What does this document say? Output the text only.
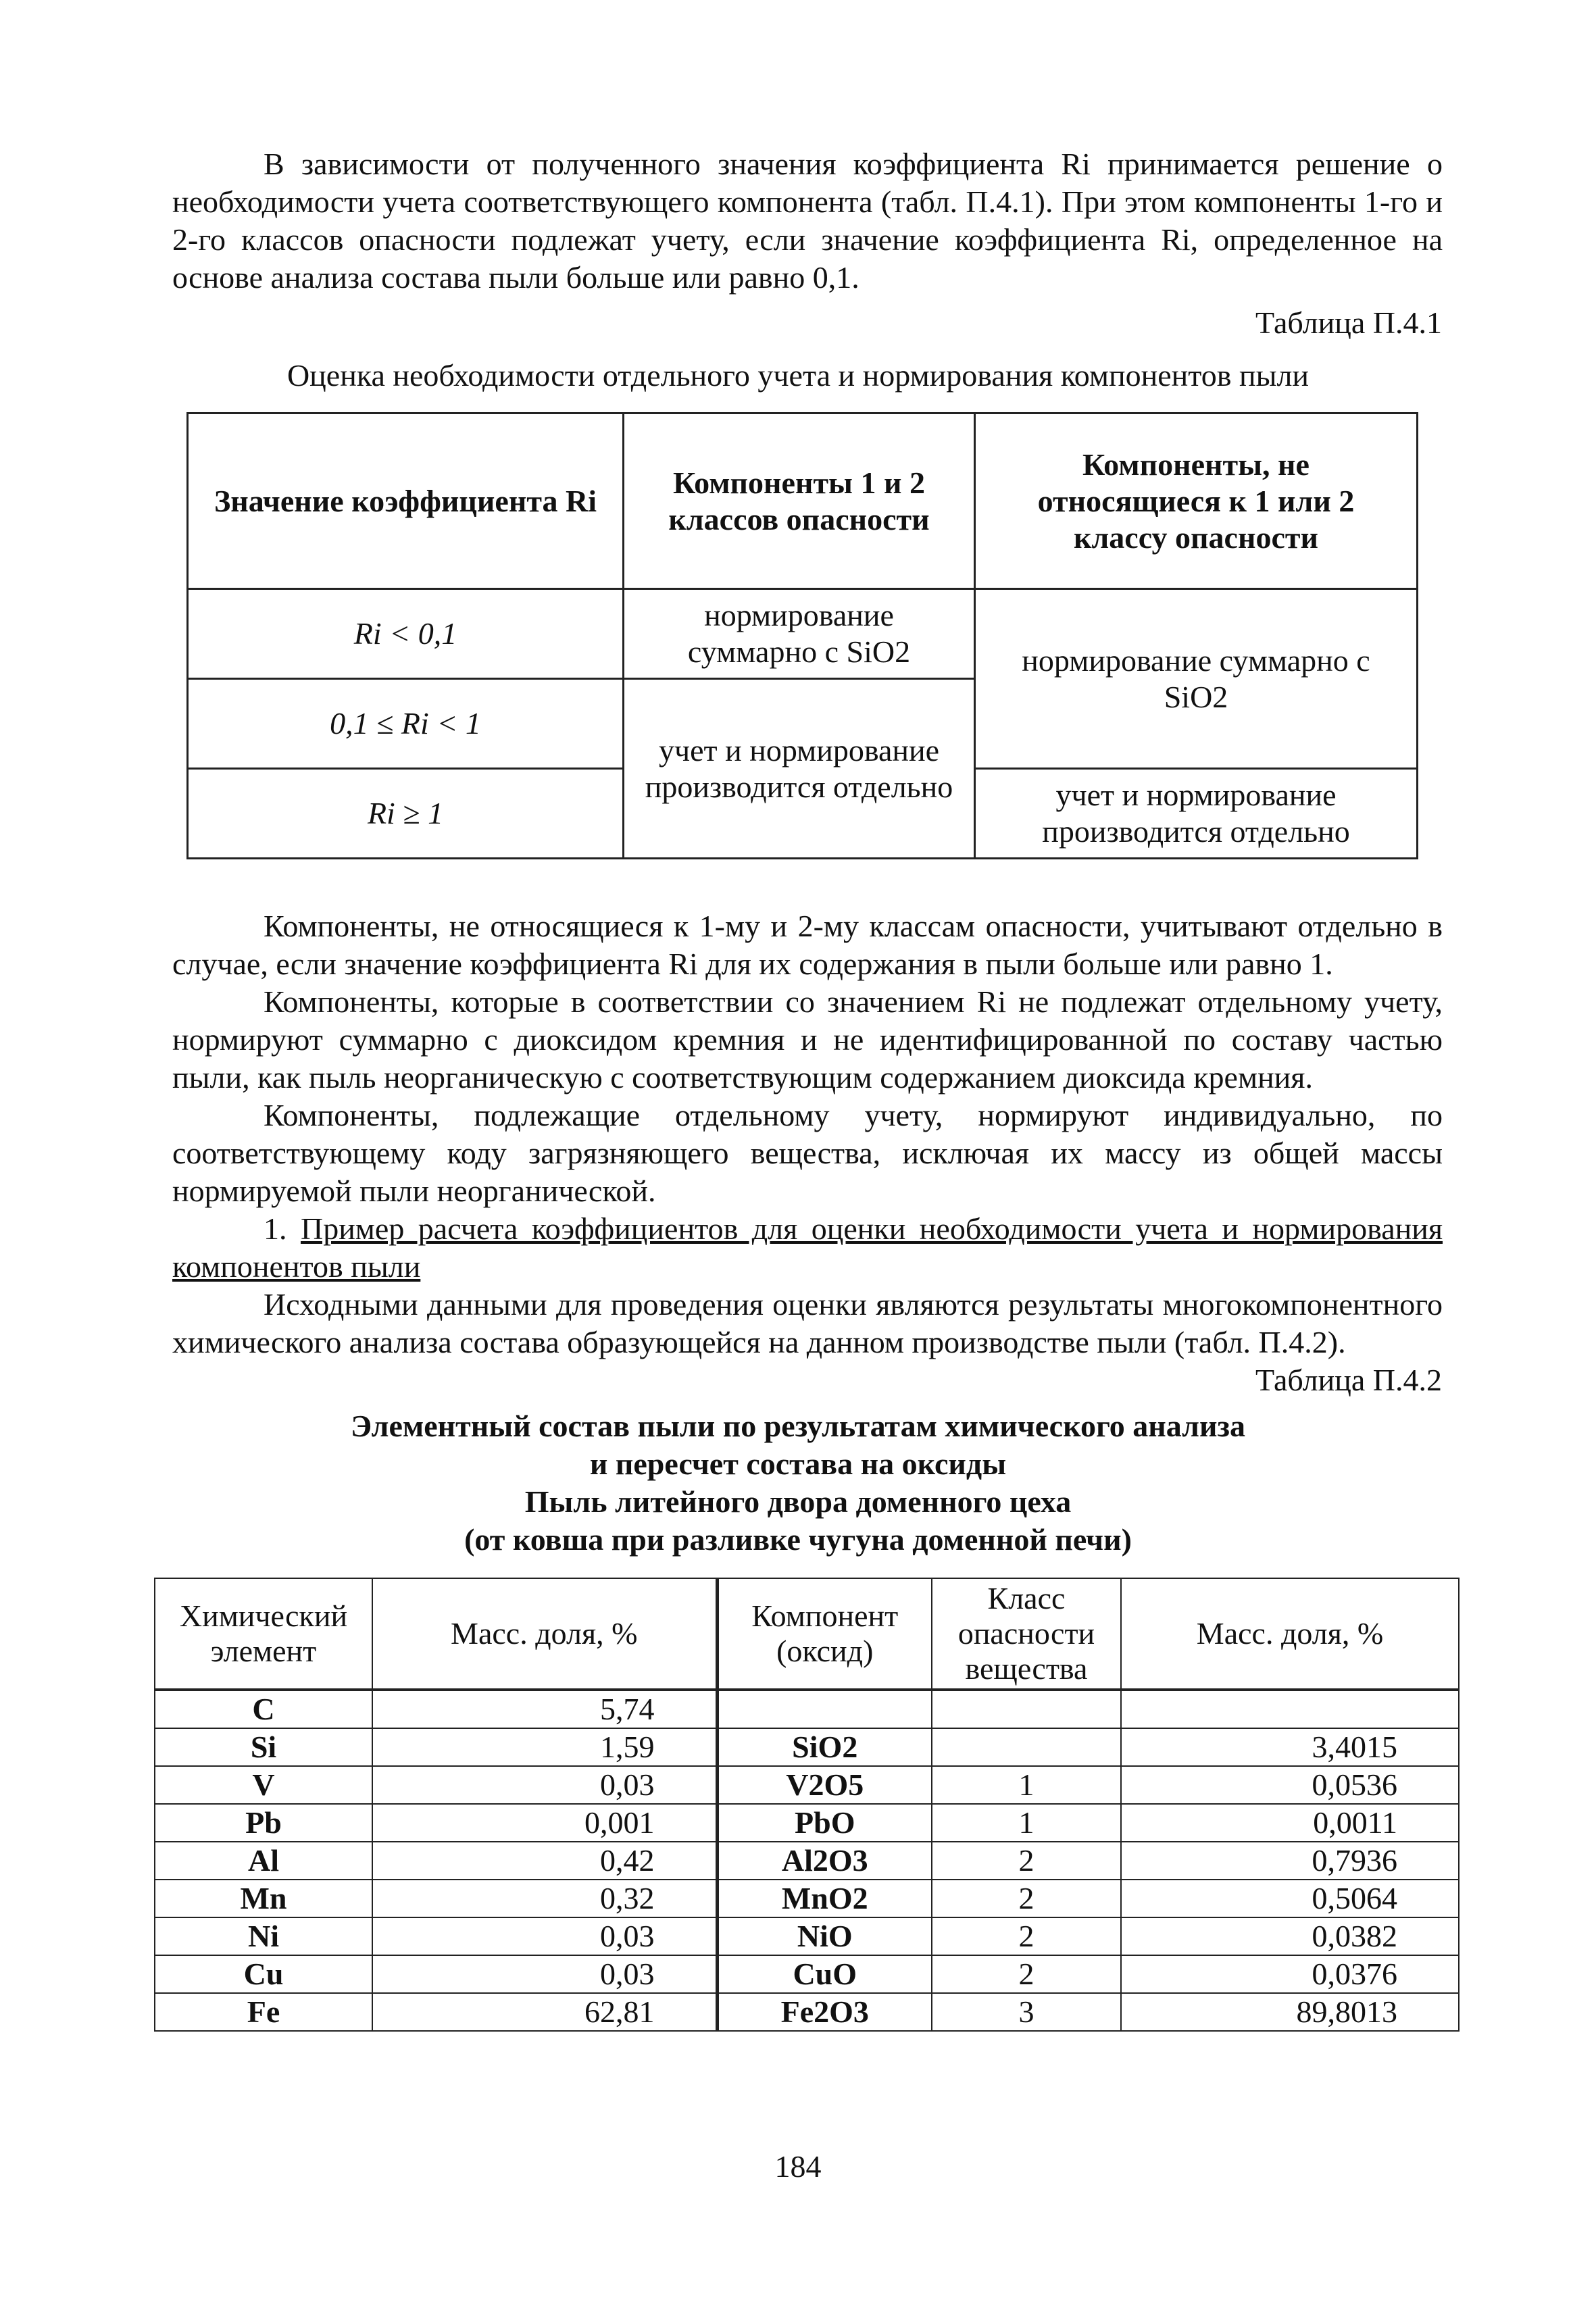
В зависимости от полученного значения коэффициента Ri принимается решение о необходимости учета соответствующего компонента (табл. П.4.1). При этом компоненты 1-го и 2-го классов опасности подлежат учету, если значение коэффициента Ri, определенное на основе анализа состава пыли больше или равно 0,1.

Таблица П.4.1
Оценка необходимости отдельного учета и нормирования компонентов пыли
Значение коэффициента Ri	Компоненты 1 и 2 классов опасности	Компоненты, не относящиеся к 1 или 2 классу опасности
Ri < 0,1	нормирование суммарно с SiO2	нормирование суммарно с SiO2
0,1 ≤ Ri < 1	учет и нормирование производится отдельно	
Ri ≥ 1		учет и нормирование производится отдельно

Компоненты, не относящиеся к 1-му и 2-му классам опасности, учитывают отдельно в случае, если значение коэффициента Ri для их содержания в пыли больше или равно 1.

Компоненты, которые в соответствии со значением Ri не подлежат отдельному учету, нормируют суммарно с диоксидом кремния и не идентифицированной по составу частью пыли, как пыль неорганическую с соответствующим содержанием диоксида кремния.

Компоненты, подлежащие отдельному учету, нормируют индивидуально, по соответствующему коду загрязняющего вещества, исключая их массу из общей массы нормируемой пыли неорганической.

1. Пример расчета коэффициентов для оценки необходимости учета и нормирования компонентов пыли

Исходными данными для проведения оценки являются результаты многокомпонентного химического анализа состава образующейся на данном производстве пыли (табл. П.4.2).

Таблица П.4.2
Элементный состав пыли по результатам химического анализа
и пересчет состава на оксиды
Пыль литейного двора доменного цеха
(от ковша при разливке чугуна доменной печи)
Химический элемент	Масс. доля, %	Компонент (оксид)	Класс опасности вещества	Масс. доля, %
C	5,74			
Si	1,59	SiO2		3,4015
V	0,03	V2O5	1	0,0536
Pb	0,001	PbO	1	0,0011
Al	0,42	Al2O3	2	0,7936
Mn	0,32	MnO2	2	0,5064
Ni	0,03	NiO	2	0,0382
Cu	0,03	CuO	2	0,0376
Fe	62,81	Fe2O3	3	89,8013
184
